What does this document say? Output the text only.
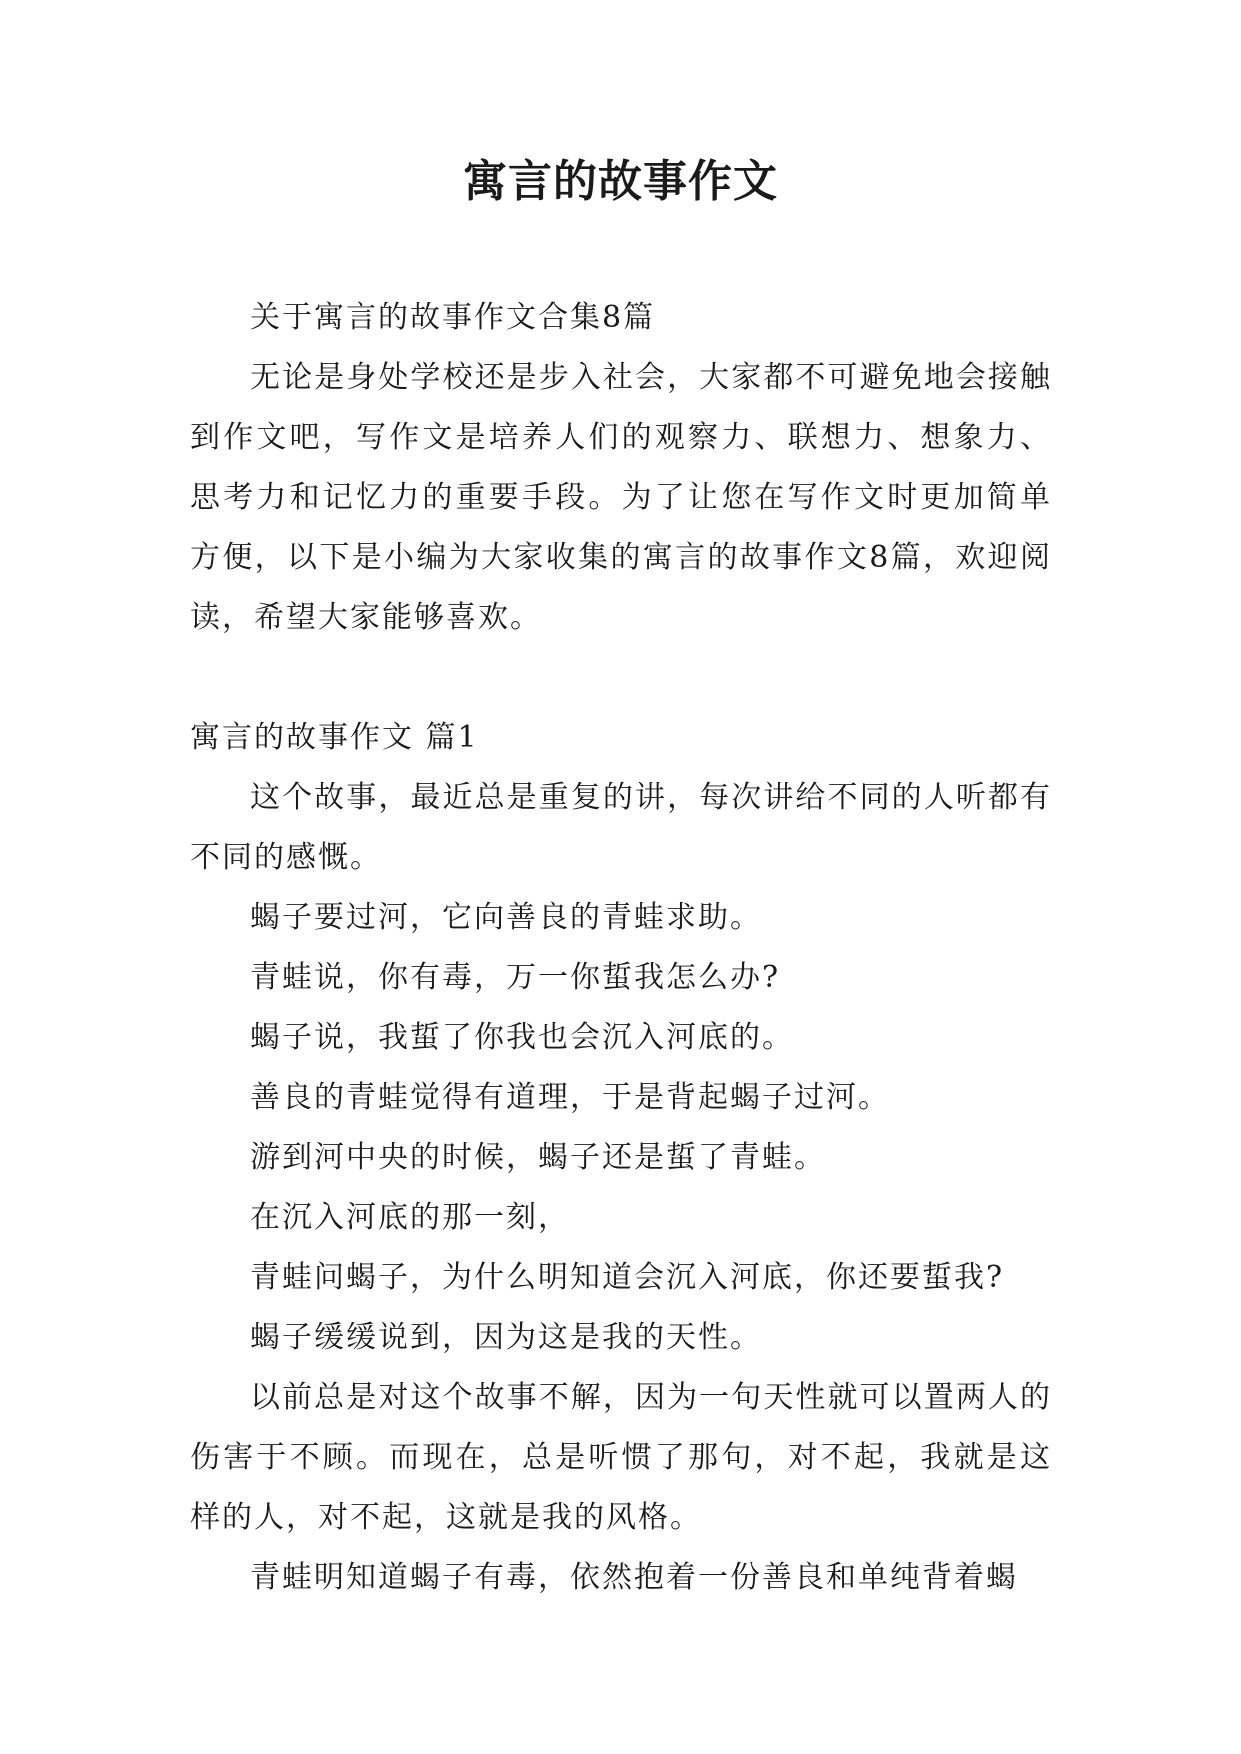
寓言的故事作文

关于寓言的故事作文合集8篇

无论是身处学校还是步入社会，大家都不可避免地会接触到作文吧，写作文是培养人们的观察力、联想力、想象力、思考力和记忆力的重要手段。为了让您在写作文时更加简单方便，以下是小编为大家收集的寓言的故事作文8篇，欢迎阅读，希望大家能够喜欢。

寓言的故事作文 篇1

这个故事，最近总是重复的讲，每次讲给不同的人听都有不同的感慨。

蝎子要过河，它向善良的青蛙求助。

青蛙说，你有毒，万一你蜇我怎么办?

蝎子说，我蜇了你我也会沉入河底的。

善良的青蛙觉得有道理，于是背起蝎子过河。

游到河中央的时候，蝎子还是蜇了青蛙。

在沉入河底的那一刻，

青蛙问蝎子，为什么明知道会沉入河底，你还要蜇我?

蝎子缓缓说到，因为这是我的天性。

以前总是对这个故事不解，因为一句天性就可以置两人的伤害于不顾。而现在，总是听惯了那句，对不起，我就是这样的人，对不起，这就是我的风格。

青蛙明知道蝎子有毒，依然抱着一份善良和单纯背着蝎
